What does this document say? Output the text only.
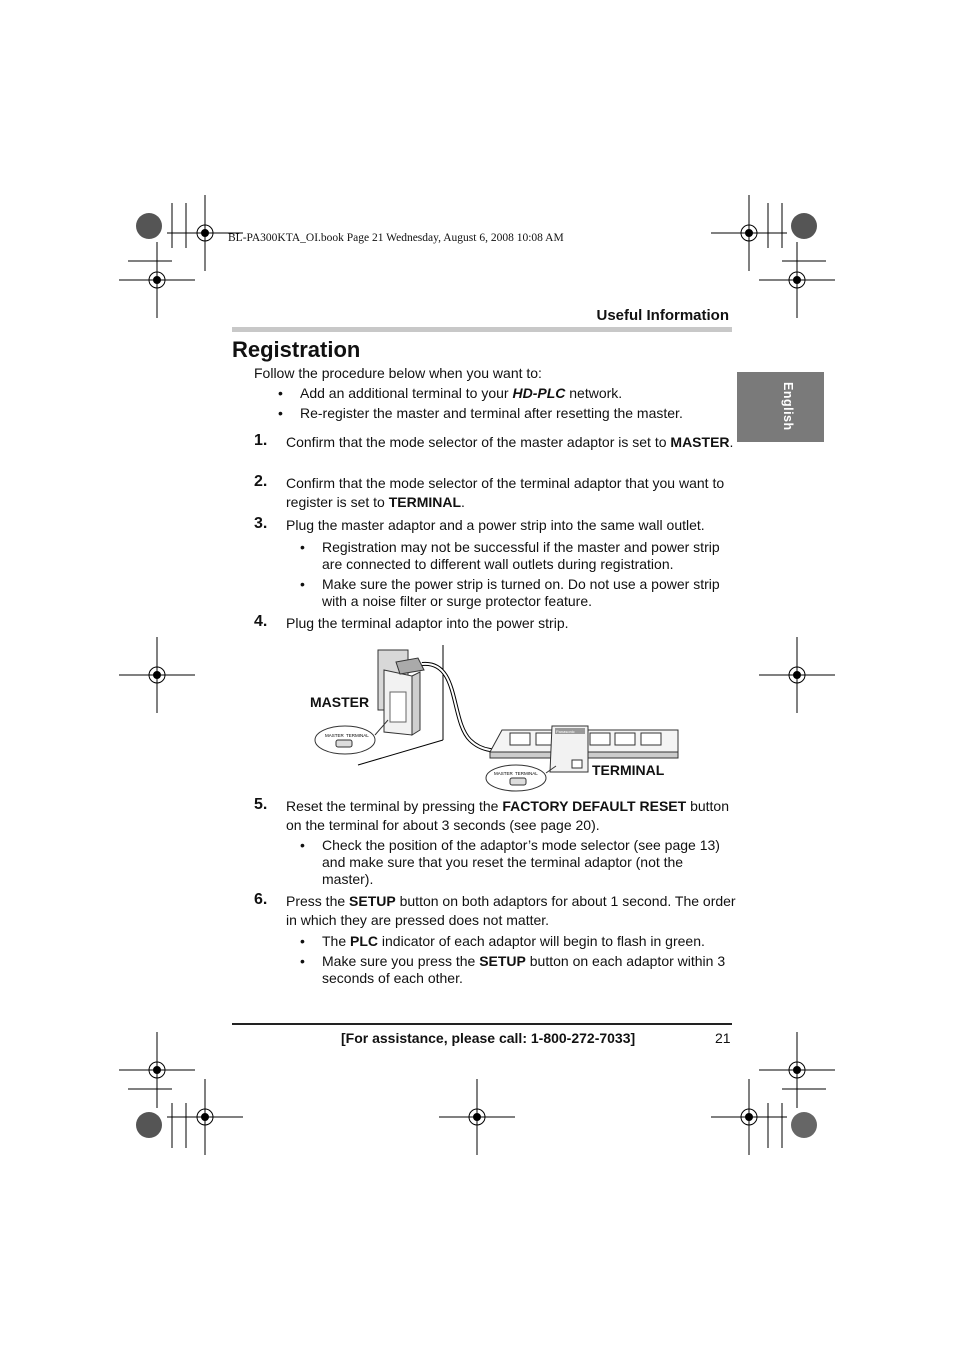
BL-PA300KTA_OI.book Page 21 Wednesday, August 6, 2008 10:08 AM
Useful Information
Registration
English
Follow the procedure below when you want to:
• Add an additional terminal to your HD-PLC network.
• Re-register the master and terminal after resetting the master.
1. Confirm that the mode selector of the master adaptor is set to MASTER.
2. Confirm that the mode selector of the terminal adaptor that you want to register is set to TERMINAL.
3. Plug the master adaptor and a power strip into the same wall outlet.
• Registration may not be successful if the master and power strip are connected to different wall outlets during registration.
• Make sure the power strip is turned on. Do not use a power strip with a noise filter or surge protector feature.
4. Plug the terminal adaptor into the power strip.
Panasonic
MASTER TERMINAL
MASTER TERMINAL
MASTER
TERMINAL
5. Reset the terminal by pressing the FACTORY DEFAULT RESET button on the terminal for about 3 seconds (see page 20).
• Check the position of the adaptor’s mode selector (see page 13) and make sure that you reset the terminal adaptor (not the master).
6. Press the SETUP button on both adaptors for about 1 second. The order in which they are pressed does not matter.
• The PLC indicator of each adaptor will begin to flash in green.
• Make sure you press the SETUP button on each adaptor within 3 seconds of each other.
[For assistance, please call: 1-800-272-7033]	21
